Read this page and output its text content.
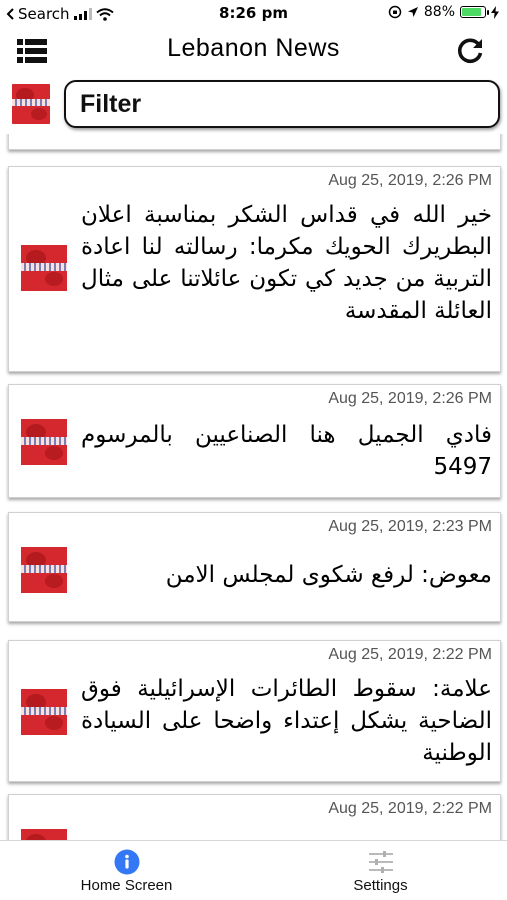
Search	8:26 pm	88%
Lebanon News
Filter
Aug 25, 2019, 2:26 PM
خير الله في قداس الشكر بمناسبة اعلان البطريرك الحويك مكرما: رسالته لنا اعادة التربية من جديد كي تكون عائلاتنا على مثال العائلة المقدسة
Aug 25, 2019, 2:26 PM
فادي الجميل هنا الصناعيين بالمرسوم 5497
Aug 25, 2019, 2:23 PM
معوض: لرفع شكوى لمجلس الامن
Aug 25, 2019, 2:22 PM
علامة: سقوط الطائرات الإسرائيلية فوق الضاحية يشكل إعتداء واضحا على السيادة الوطنية
Aug 25, 2019, 2:22 PM
Home Screen	Settings
